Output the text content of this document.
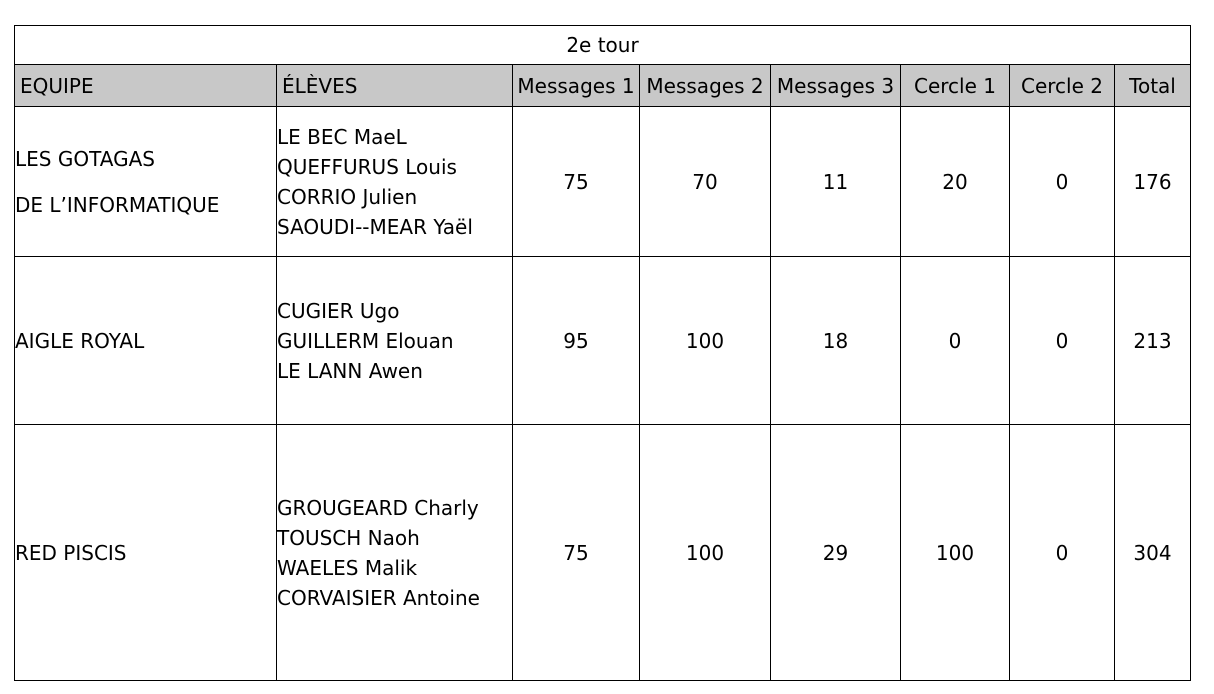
2e tour							
EQUIPE	ÉLÈVES	Messages 1	Messages 2	Messages 3	Cercle 1	Cercle 2	Total

LES GOTAGAS
DE L’INFORMATIQUE	LE BEC MaeL
QUEFFURUS Louis
CORRIO Julien
SAOUDI--MEAR Yaël	75	70	11	20	0	176

AIGLE ROYAL	CUGIER Ugo
GUILLERM Elouan
LE LANN Awen	95	100	18	0	0	213

RED PISCIS	GROUGEARD Charly
TOUSCH Naoh
WAELES Malik
CORVAISIER Antoine	75	100	29	100	0	304
